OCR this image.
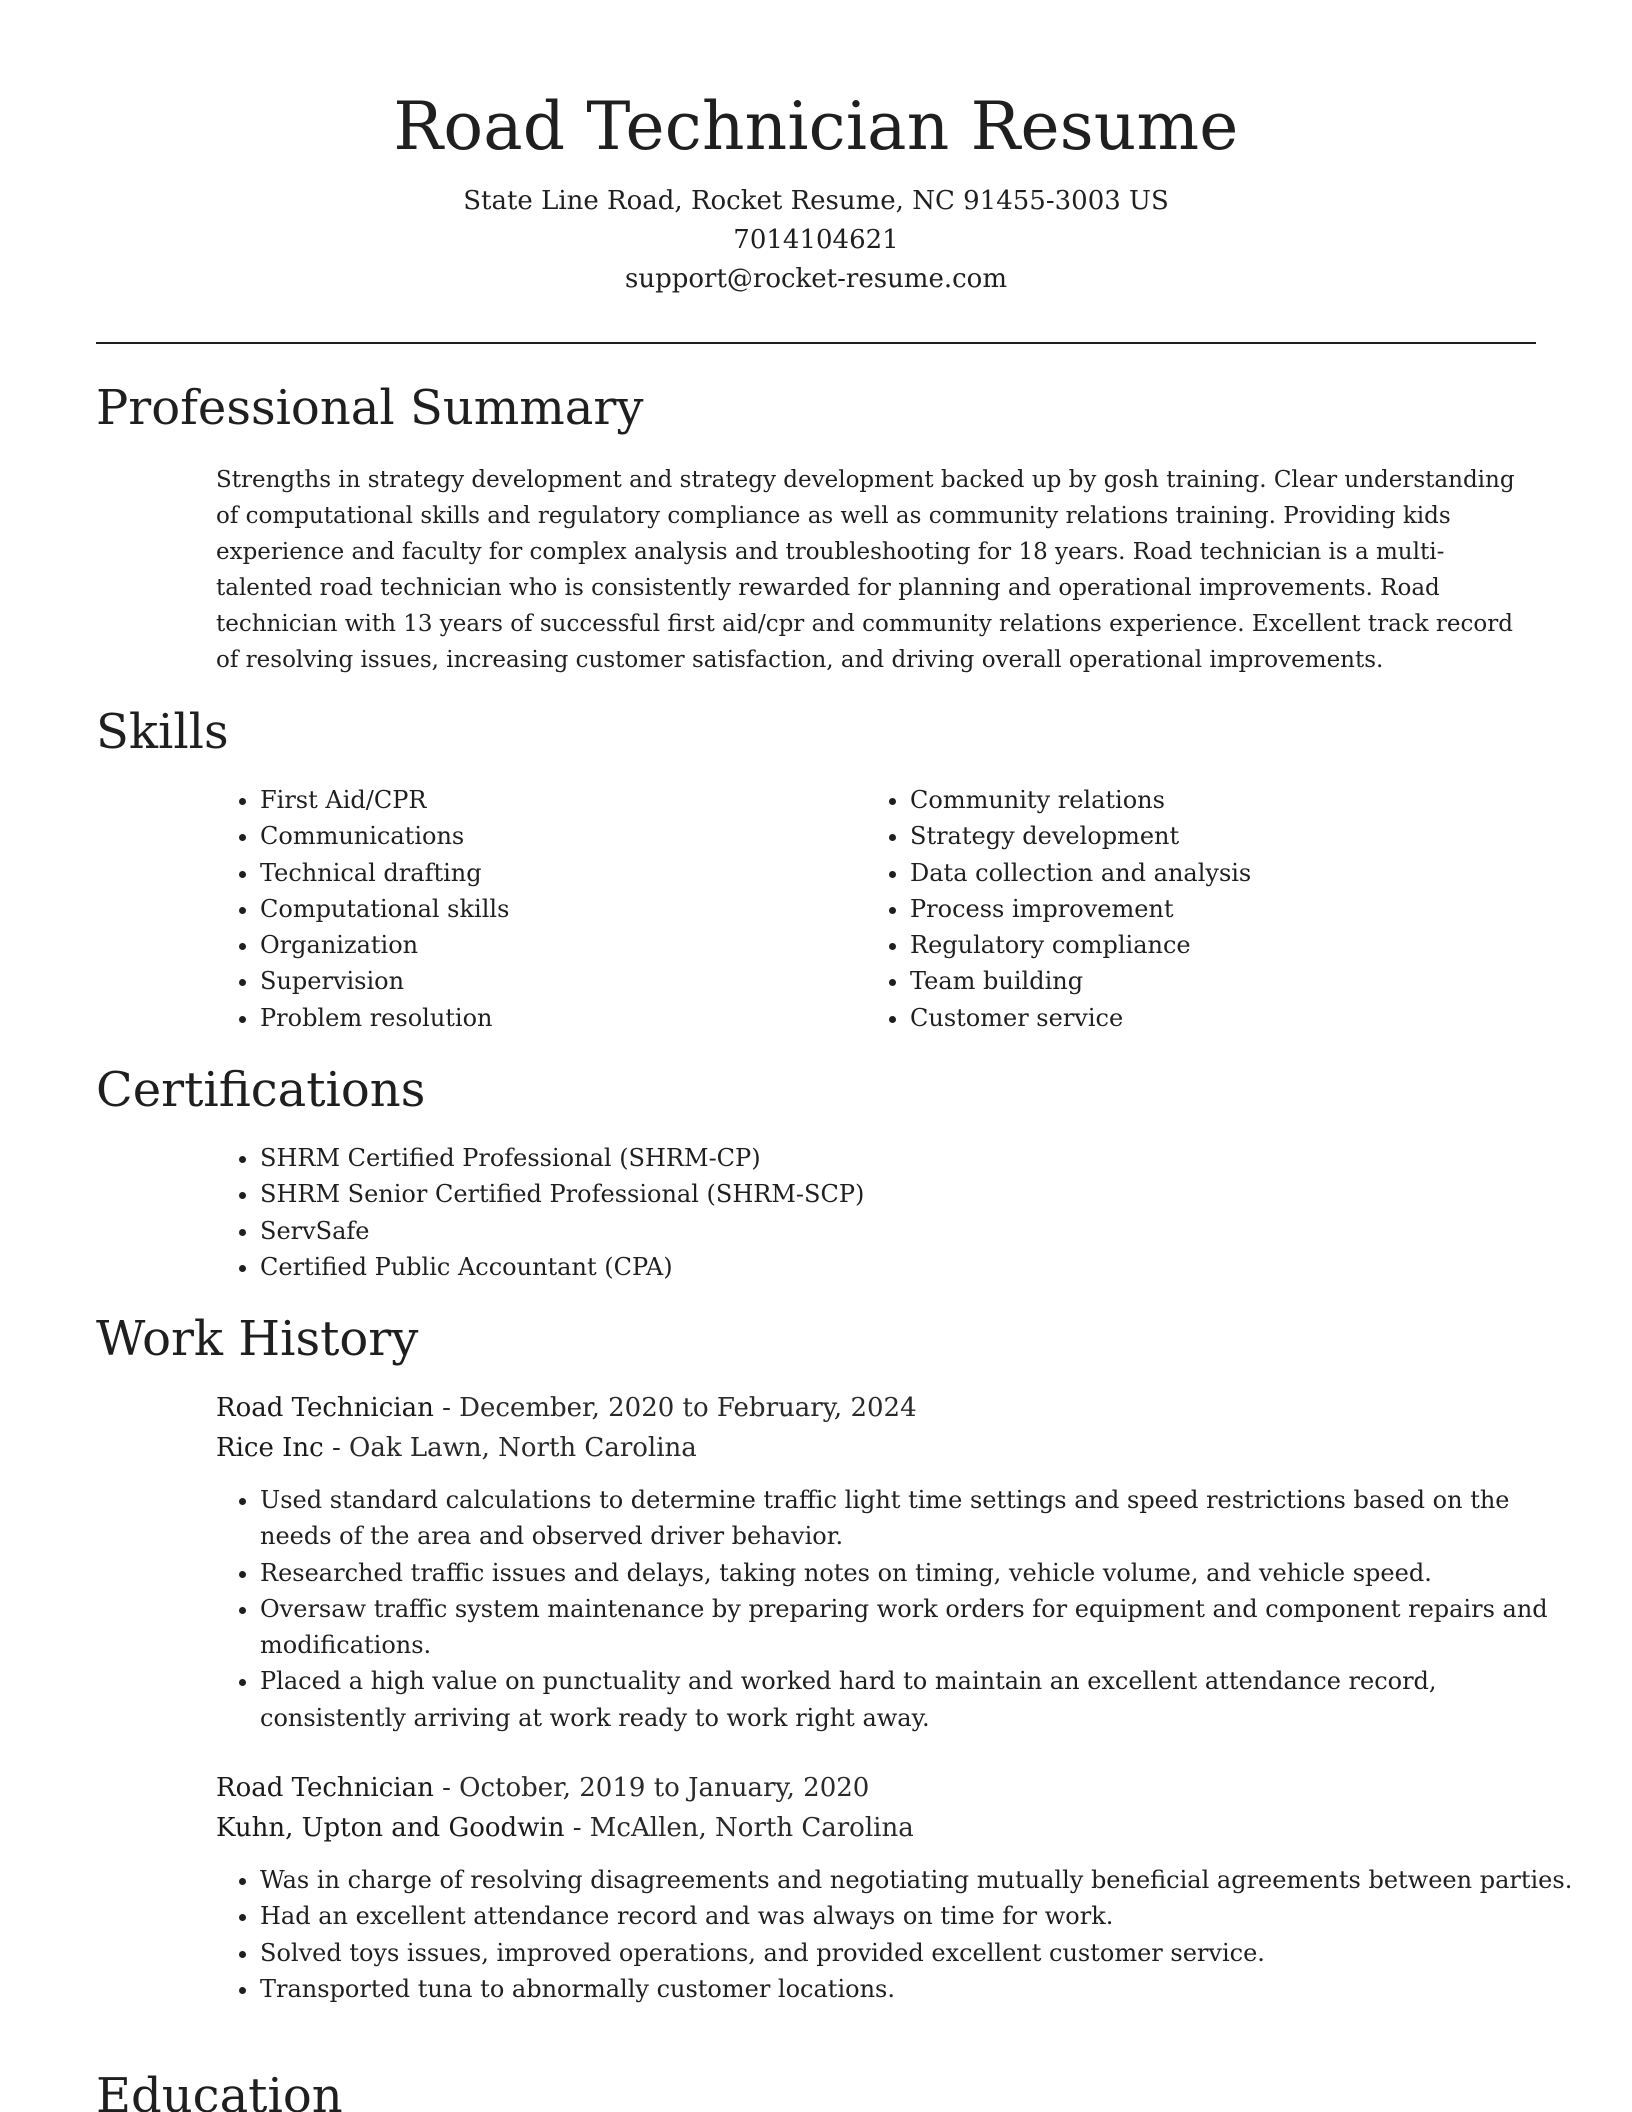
Road Technician Resume
State Line Road, Rocket Resume, NC 91455-3003 US
7014104621
support@rocket-resume.com
Professional Summary

Strengths in strategy development and strategy development backed up by gosh training. Clear understanding of computational skills and regulatory compliance as well as community relations training. Providing kids experience and faculty for complex analysis and troubleshooting for 18 years. Road technician is a multi-talented road technician who is consistently rewarded for planning and operational improvements. Road technician with 13 years of successful first aid/cpr and community relations experience. Excellent track record of resolving issues, increasing customer satisfaction, and driving overall operational improvements.

Skills
• First Aid/CPR
• Communications
• Technical drafting
• Computational skills
• Organization
• Supervision
• Problem resolution
• Community relations
• Strategy development
• Data collection and analysis
• Process improvement
• Regulatory compliance
• Team building
• Customer service
Certifications
• SHRM Certified Professional (SHRM-CP)
• SHRM Senior Certified Professional (SHRM-SCP)
• ServSafe
• Certified Public Accountant (CPA)
Work History
Road Technician - December, 2020 to February, 2024
Rice Inc - Oak Lawn, North Carolina
• Used standard calculations to determine traffic light time settings and speed restrictions based on the needs of the area and observed driver behavior.
• Researched traffic issues and delays, taking notes on timing, vehicle volume, and vehicle speed.
• Oversaw traffic system maintenance by preparing work orders for equipment and component repairs and modifications.
• Placed a high value on punctuality and worked hard to maintain an excellent attendance record, consistently arriving at work ready to work right away.
Road Technician - October, 2019 to January, 2020
Kuhn, Upton and Goodwin - McAllen, North Carolina
• Was in charge of resolving disagreements and negotiating mutually beneficial agreements between parties.
• Had an excellent attendance record and was always on time for work.
• Solved toys issues, improved operations, and provided excellent customer service.
• Transported tuna to abnormally customer locations.
Education
